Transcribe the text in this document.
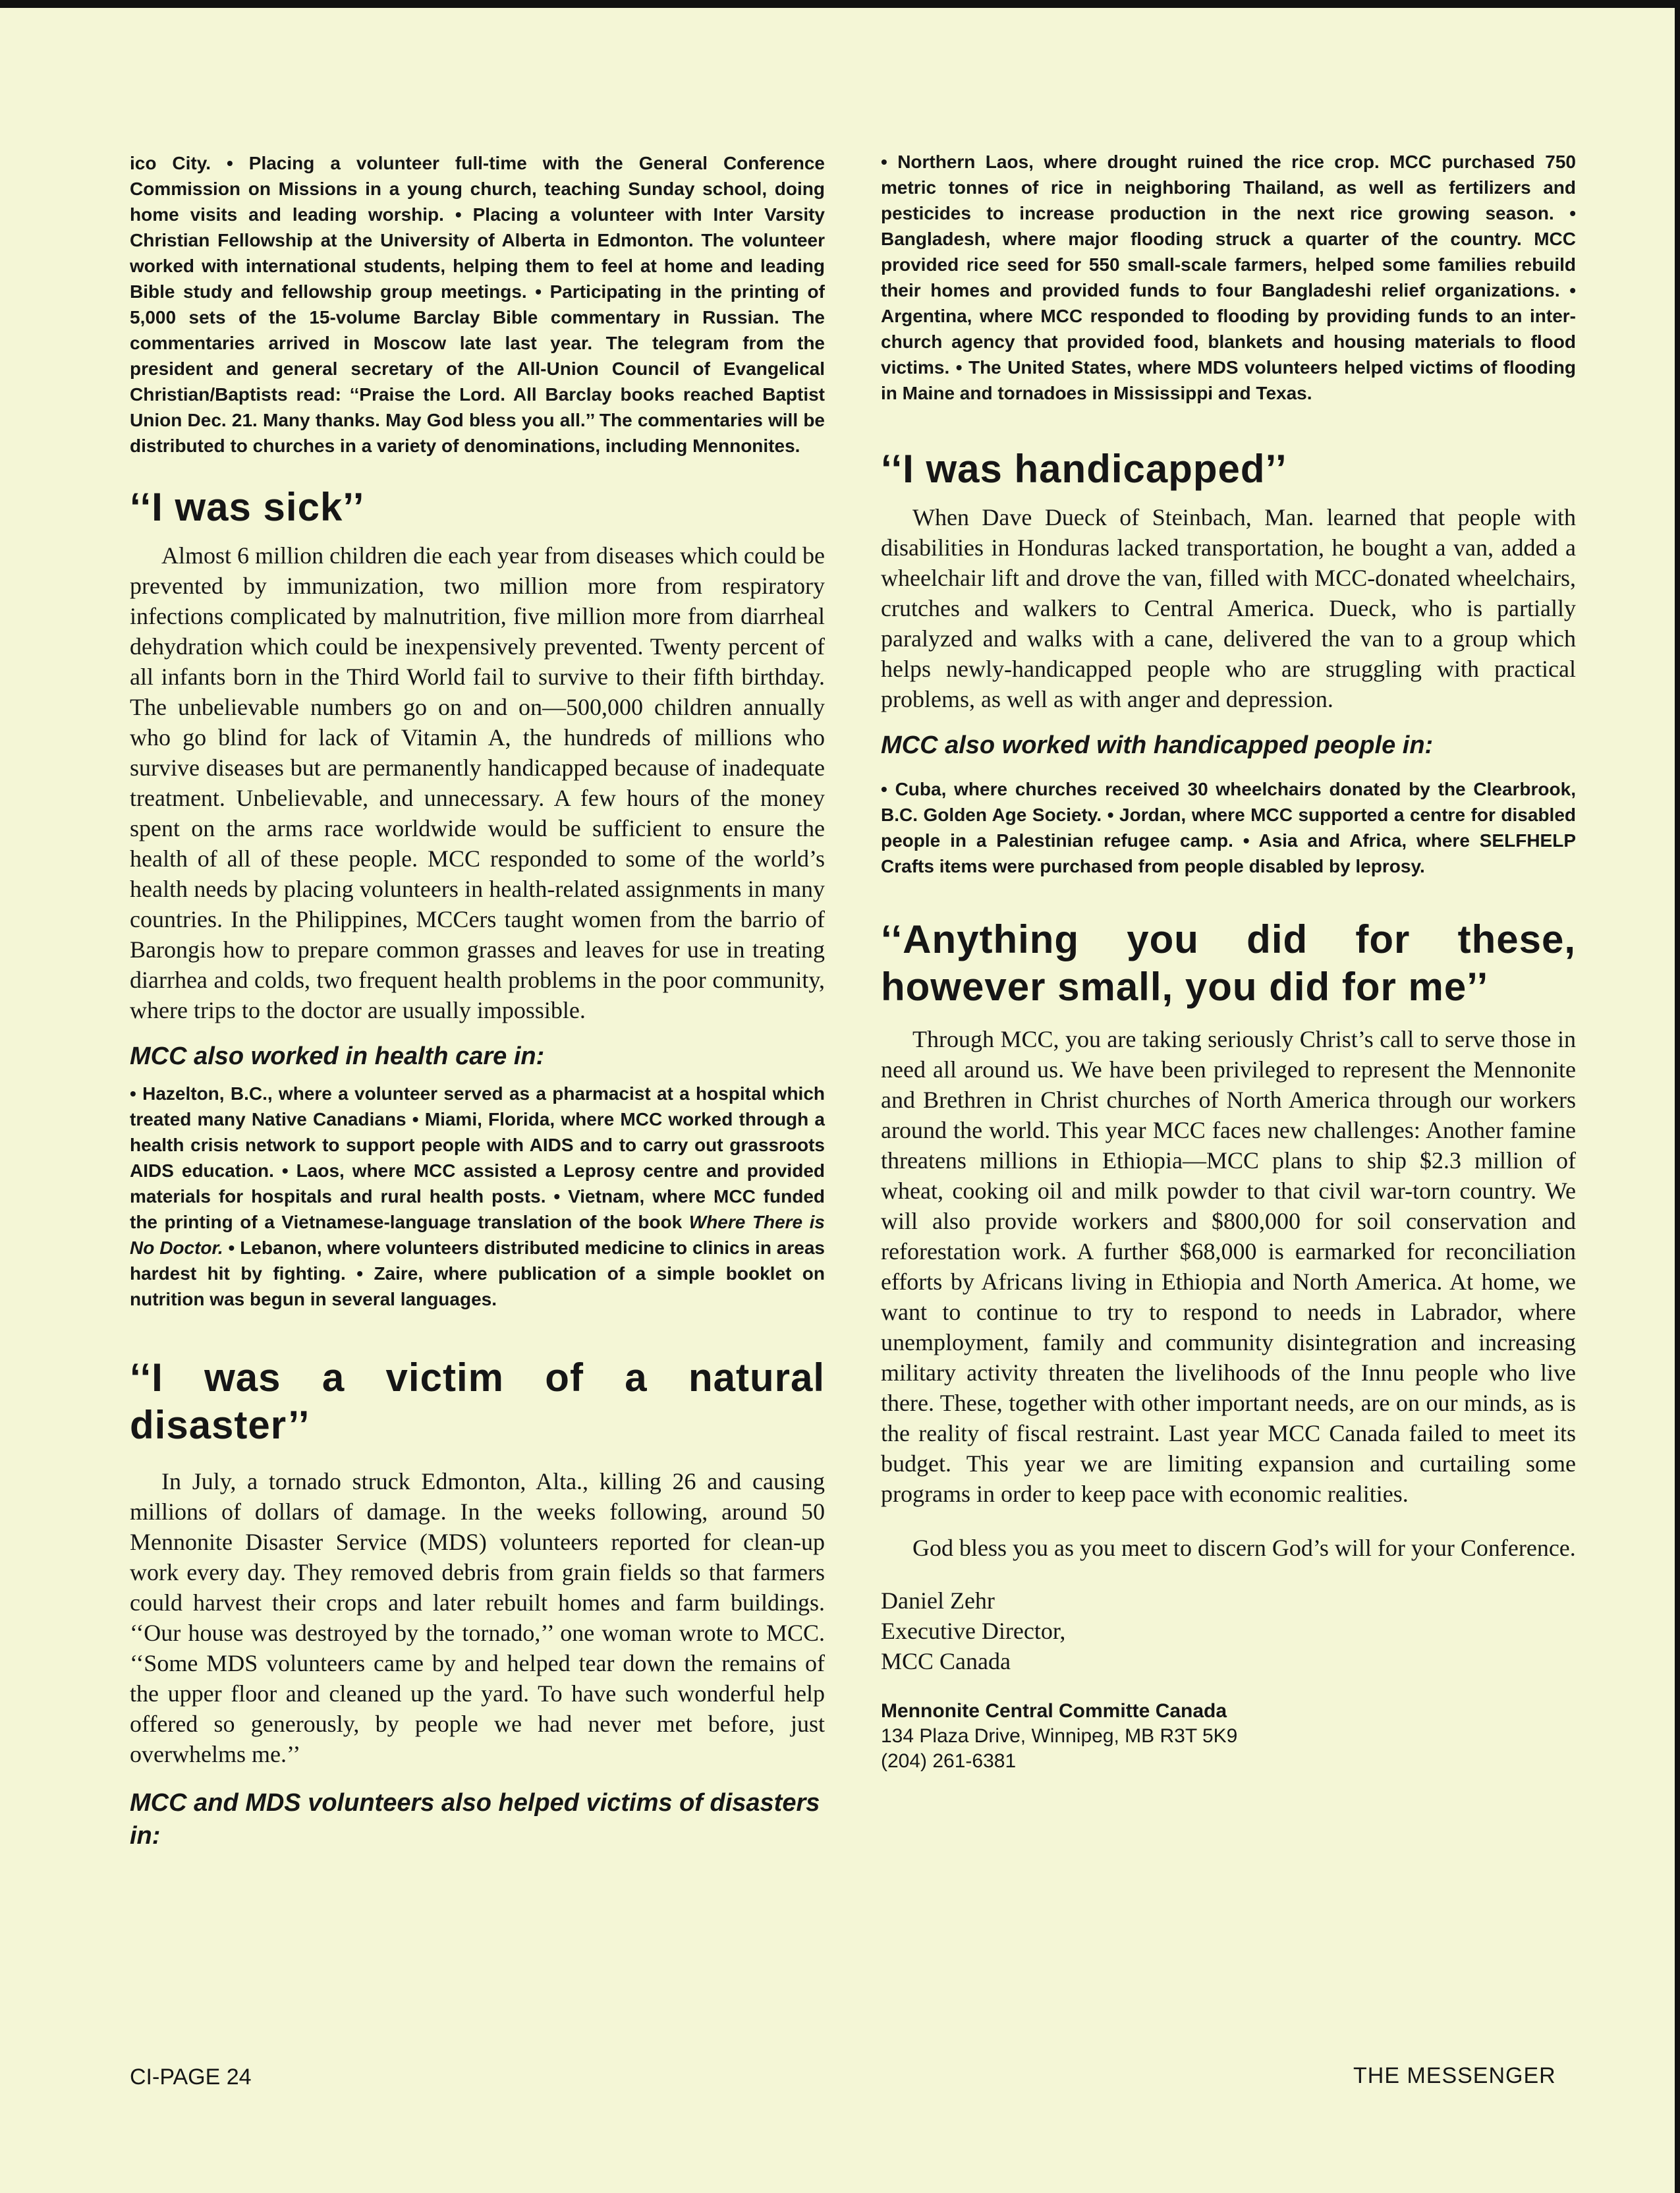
ico City. • Placing a volunteer full-time with the General Conference Commission on Missions in a young church, teaching Sunday school, doing home visits and leading worship. • Placing a volunteer with Inter Varsity Christian Fellowship at the University of Alberta in Edmonton. The volunteer worked with international students, helping them to feel at home and leading Bible study and fellowship group meetings. • Participating in the printing of 5,000 sets of the 15-volume Barclay Bible commentary in Russian. The commentaries arrived in Moscow late last year. The telegram from the president and general secretary of the All-Union Council of Evangelical Christian/Baptists read: ‘‘Praise the Lord. All Barclay books reached Baptist Union Dec. 21. Many thanks. May God bless you all.’’ The commentaries will be distributed to churches in a variety of denominations, including Mennonites.

‘‘I was sick’’

Almost 6 million children die each year from diseases which could be prevented by immunization, two million more from respiratory infections complicated by malnutrition, five million more from diarrheal dehydration which could be inexpensively prevented. Twenty percent of all infants born in the Third World fail to survive to their fifth birthday. The unbelievable numbers go on and on—500,000 children annually who go blind for lack of Vitamin A, the hundreds of millions who survive diseases but are permanently handicapped because of inadequate treatment. Unbelievable, and unnecessary. A few hours of the money spent on the arms race worldwide would be sufficient to ensure the health of all of these people. MCC responded to some of the world’s health needs by placing volunteers in health-related assignments in many countries. In the Philippines, MCCers taught women from the barrio of Barongis how to prepare common grasses and leaves for use in treating diarrhea and colds, two frequent health problems in the poor community, where trips to the doctor are usually impossible.

MCC also worked in health care in:

• Hazelton, B.C., where a volunteer served as a pharmacist at a hospital which treated many Native Canadians • Miami, Florida, where MCC worked through a health crisis network to support people with AIDS and to carry out grassroots AIDS education. • Laos, where MCC assisted a Leprosy centre and provided materials for hospitals and rural health posts. • Vietnam, where MCC funded the printing of a Vietnamese-language translation of the book Where There is No Doctor. • Lebanon, where volunteers distributed medicine to clinics in areas hardest hit by fighting. • Zaire, where publication of a simple booklet on nutrition was begun in several languages.

‘‘I was a victim of a natural disaster’’

In July, a tornado struck Edmonton, Alta., killing 26 and causing millions of dollars of damage. In the weeks following, around 50 Mennonite Disaster Service (MDS) volunteers reported for clean-up work every day. They removed debris from grain fields so that farmers could harvest their crops and later rebuilt homes and farm buildings. ‘‘Our house was destroyed by the tornado,’’ one woman wrote to MCC. ‘‘Some MDS volunteers came by and helped tear down the remains of the upper floor and cleaned up the yard. To have such wonderful help offered so generously, by people we had never met before, just overwhelms me.’’

MCC and MDS volunteers also helped victims of disasters in:

• Northern Laos, where drought ruined the rice crop. MCC purchased 750 metric tonnes of rice in neighboring Thailand, as well as fertilizers and pesticides to increase production in the next rice growing season. • Bangladesh, where major flooding struck a quarter of the country. MCC provided rice seed for 550 small-scale farmers, helped some families rebuild their homes and provided funds to four Bangladeshi relief organizations. • Argentina, where MCC responded to flooding by providing funds to an inter-church agency that provided food, blankets and housing materials to flood victims. • The United States, where MDS volunteers helped victims of flooding in Maine and tornadoes in Mississippi and Texas.

‘‘I was handicapped’’

When Dave Dueck of Steinbach, Man. learned that people with disabilities in Honduras lacked transportation, he bought a van, added a wheelchair lift and drove the van, filled with MCC-donated wheelchairs, crutches and walkers to Central America. Dueck, who is partially paralyzed and walks with a cane, delivered the van to a group which helps newly-handicapped people who are struggling with practical problems, as well as with anger and depression.

MCC also worked with handicapped people in:

• Cuba, where churches received 30 wheelchairs donated by the Clearbrook, B.C. Golden Age Society. • Jordan, where MCC supported a centre for disabled people in a Palestinian refugee camp. • Asia and Africa, where SELFHELP Crafts items were purchased from people disabled by leprosy.

‘‘Anything you did for these, however small, you did for me’’

Through MCC, you are taking seriously Christ’s call to serve those in need all around us. We have been privileged to represent the Mennonite and Brethren in Christ churches of North America through our workers around the world. This year MCC faces new challenges: Another famine threatens millions in Ethiopia—MCC plans to ship $2.3 million of wheat, cooking oil and milk powder to that civil war-torn country. We will also provide workers and $800,000 for soil conservation and reforestation work. A further $68,000 is earmarked for reconciliation efforts by Africans living in Ethiopia and North America. At home, we want to continue to try to respond to needs in Labrador, where unemployment, family and community disintegration and increasing military activity threaten the livelihoods of the Innu people who live there. These, together with other important needs, are on our minds, as is the reality of fiscal restraint. Last year MCC Canada failed to meet its budget. This year we are limiting expansion and curtailing some programs in order to keep pace with economic realities.

God bless you as you meet to discern God’s will for your Conference.

Daniel Zehr

Executive Director,

MCC Canada

Mennonite Central Committe Canada

134 Plaza Drive, Winnipeg, MB R3T 5K9

(204) 261-6381

CI-PAGE 24	THE MESSENGER
